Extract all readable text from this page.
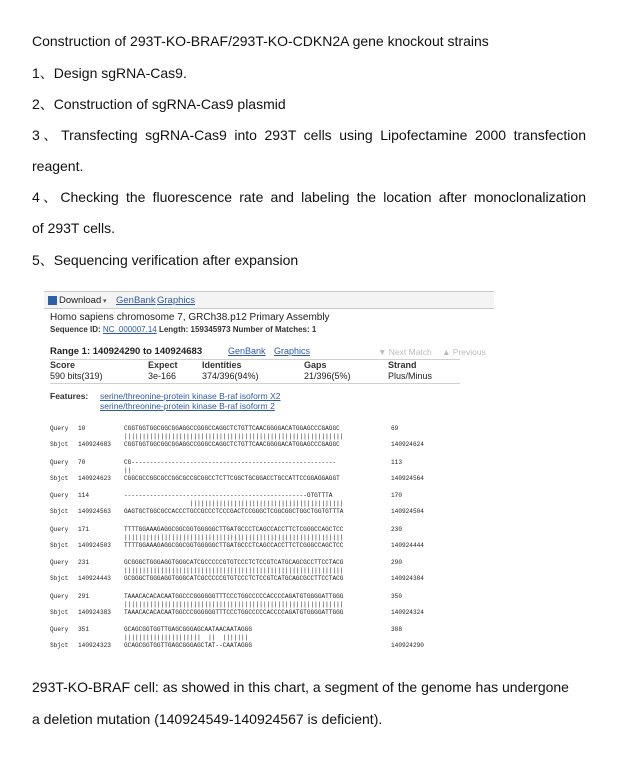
Construction of 293T-KO-BRAF/293T-KO-CDKN2A gene knockout strains
1、Design sgRNA-Cas9.
2、Construction of sgRNA-Cas9 plasmid
3、Transfecting sgRNA-Cas9 into 293T cells using Lipofectamine 2000 transfection
reagent.
4、Checking the fluorescence rate and labeling the location after monoclonalization
of 293T cells.
5、Sequencing verification after expansion
Download ▾ GenBank Graphics
Homo sapiens chromosome 7, GRCh38.p12 Primary Assembly
Sequence ID: NC_000007.14 Length: 159345973 Number of Matches: 1
Range 1: 140924290 to 140924683	GenBank Graphics	▼ Next Match ▲ Previous
Score	Expect	Identities	Gaps	Strand
590 bits(319)	3e-166	374/396(94%)	21/396(5%)	Plus/Minus
Features: serine/threonine-protein kinase B-raf isoform X2
serine/threonine-protein kinase B-raf isoform 2
Query 10	CGGTGGTGGCGGCGGAGGCCGGGCCAGGCTCTGTTCAACGGGGACATGGAGCCCGAGGC	69
||||||||||||||||||||||||||||||||||||||||||||||||||||||||||||
Sbjct 140924683 CGGTGGTGGCGGCGGAGGCCGGGCCAGGCTCTGTTCAACGGGGACATGGAGCCCGAGGC	140924624
Query 70	CG--------------------------------------------------------	113
||
Sbjct 140924623 CGGCGCCGGCGCCGGCGCCGCGGCCTCTTCGGCTGCGGACCTGCCATTCCGGAGGAGGT	140924564
Query 114	--------------------------------------------------GTGTTTA	170
||||||||||||||||||||||||||||||||||||||||||
Sbjct 140924563 GAGTGCTGGCGCCACCCTGCCGCCCTCCCGACTCCGGGCTCGGCGGCTGGCTGGTGTTTA	140924504
Query 171	TTTTGGAAAGAGGCGGCGGTGGGGGCTTGATGCCCTCAGCCACCTTCTCGGGCCAGCTCC	230
||||||||||||||||||||||||||||||||||||||||||||||||||||||||||||
Sbjct 140924503 TTTTGGAAAGAGGCGGCGGTGGGGGCTTGATGCCCTCAGCCACCTTCTCGGGCCAGCTCC	140924444
Query 231	GCGGGCTGGGAGGTGGGCATCGCCCCCGTGTCCCTCTCCGTCATGCAGCGCCTTCCTACG	290
||||||||||||||||||||||||||||||||||||||||||||||||||||||||||||
Sbjct 140924443 GCGGGCTGGGAGGTGGGCATCGCCCCCGTGTCCCTCTCCGTCATGCAGCGCCTTCCTACG	140924384
Query 291	TAAACACACACAATGGCCCGGGGGGTTTCCCTGGCCCCCACCCCAGATGTGGGGATTGGG	350
||||||||||||||||||||||||||||||||||||||||||||||||||||||||||||
Sbjct 140924383 TAAACACACACAATGGCCCGGGGGGTTTCCCTGGCCCCCACCCCAGATGTGGGGATTGGG	140924324
Query 351	GCAGCGGTGGTTGAGCGGGAGCAATAACAATAGGG	388
|||||||||||||||||||||  ||  |||||||
Sbjct 140924323 GCAGCGGTGGTTGAGCGGGAGCTAT--CAATAGGG	140924290
293T-KO-BRAF cell: as showed in this chart, a segment of the genome has undergone
a deletion mutation (140924549-140924567 is deficient).
